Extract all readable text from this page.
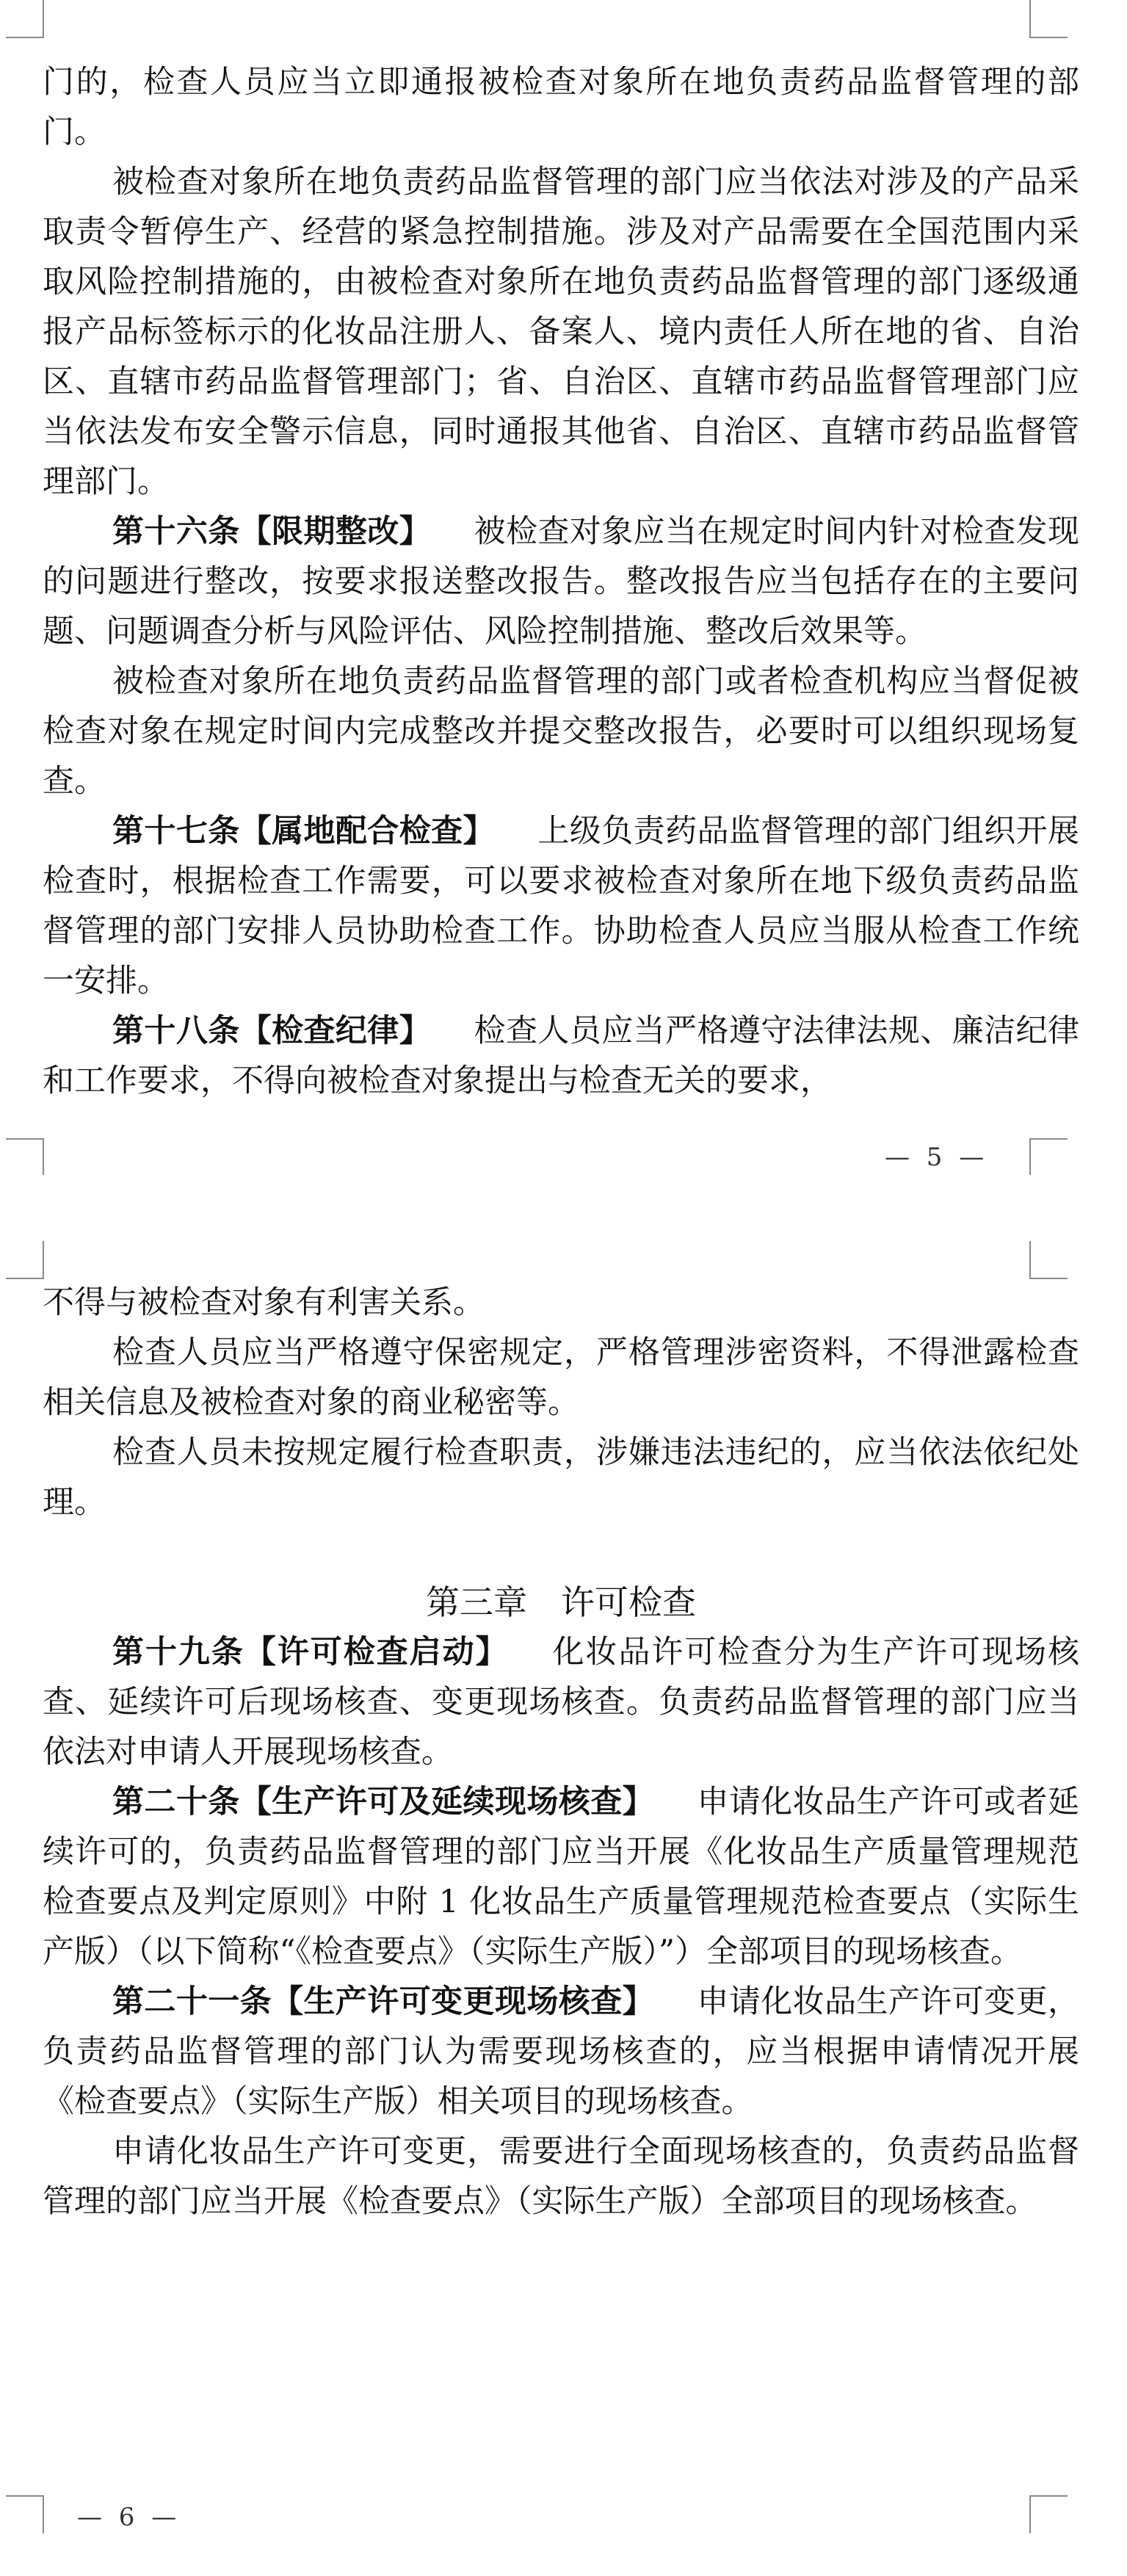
门的，检查人员应当立即通报被检查对象所在地负责药品监督管理的部门。

被检查对象所在地负责药品监督管理的部门应当依法对涉及的产品采取责令暂停生产、经营的紧急控制措施。涉及对产品需要在全国范围内采取风险控制措施的，由被检查对象所在地负责药品监督管理的部门逐级通报产品标签标示的化妆品注册人、备案人、境内责任人所在地的省、自治区、直辖市药品监督管理部门；省、自治区、直辖市药品监督管理部门应当依法发布安全警示信息，同时通报其他省、自治区、直辖市药品监督管理部门。

第十六条【限期整改】 被检查对象应当在规定时间内针对检查发现的问题进行整改，按要求报送整改报告。整改报告应当包括存在的主要问题、问题调查分析与风险评估、风险控制措施、整改后效果等。

被检查对象所在地负责药品监督管理的部门或者检查机构应当督促被检查对象在规定时间内完成整改并提交整改报告，必要时可以组织现场复查。

第十七条【属地配合检查】 上级负责药品监督管理的部门组织开展检查时，根据检查工作需要，可以要求被检查对象所在地下级负责药品监督管理的部门安排人员协助检查工作。协助检查人员应当服从检查工作统一安排。

第十八条【检查纪律】 检查人员应当严格遵守法律法规、廉洁纪律和工作要求，不得向被检查对象提出与检查无关的要求，

— 5 —

不得与被检查对象有利害关系。

检查人员应当严格遵守保密规定，严格管理涉密资料，不得泄露检查相关信息及被检查对象的商业秘密等。

检查人员未按规定履行检查职责，涉嫌违法违纪的，应当依法依纪处理。

第三章 许可检查

第十九条【许可检查启动】 化妆品许可检查分为生产许可现场核查、延续许可后现场核查、变更现场核查。负责药品监督管理的部门应当依法对申请人开展现场核查。

第二十条【生产许可及延续现场核查】 申请化妆品生产许可或者延续许可的，负责药品监督管理的部门应当开展《化妆品生产质量管理规范检查要点及判定原则》中附 1 化妆品生产质量管理规范检查要点（实际生产版）（以下简称“《检查要点》（实际生产版）”）全部项目的现场核查。

第二十一条【生产许可变更现场核查】 申请化妆品生产许可变更，负责药品监督管理的部门认为需要现场核查的，应当根据申请情况开展《检查要点》（实际生产版）相关项目的现场核查。

申请化妆品生产许可变更，需要进行全面现场核查的，负责药品监督管理的部门应当开展《检查要点》（实际生产版）全部项目的现场核查。

— 6 —
